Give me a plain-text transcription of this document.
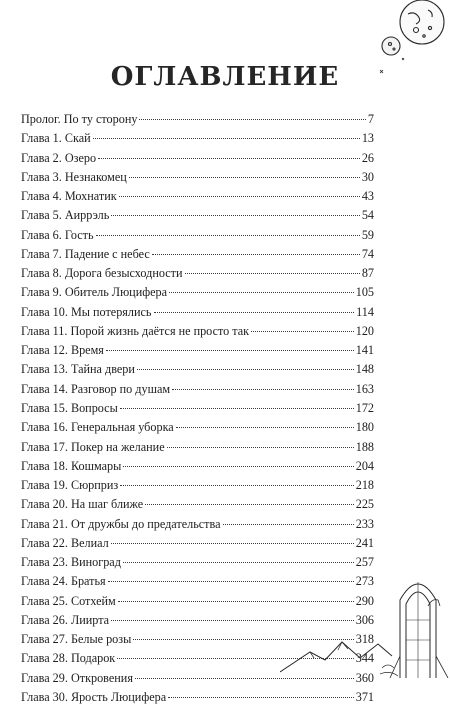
ОГЛАВЛЕНИЕ
Пролог. По ту сторону	7
Глава 1. Скай	13
Глава 2. Озеро	26
Глава 3. Незнакомец	30
Глава 4. Мохнатик	43
Глава 5. Аиррэль	54
Глава 6. Гость	59
Глава 7. Падение с небес	74
Глава 8. Дорога безысходности	87
Глава 9. Обитель Люцифера	105
Глава 10. Мы потерялись	114
Глава 11. Порой жизнь даётся не просто так	120
Глава 12. Время	141
Глава 13. Тайна двери	148
Глава 14. Разговор по душам	163
Глава 15. Вопросы	172
Глава 16. Генеральная уборка	180
Глава 17. Покер на желание	188
Глава 18. Кошмары	204
Глава 19. Сюрприз	218
Глава 20. На шаг ближе	225
Глава 21. От дружбы до предательства	233
Глава 22. Велиал	241
Глава 23. Виноград	257
Глава 24. Братья	273
Глава 25. Сотхейм	290
Глава 26. Лиирта	306
Глава 27. Белые розы	318
Глава 28. Подарок	344
Глава 29. Откровения	360
Глава 30. Ярость Люцифера	371
